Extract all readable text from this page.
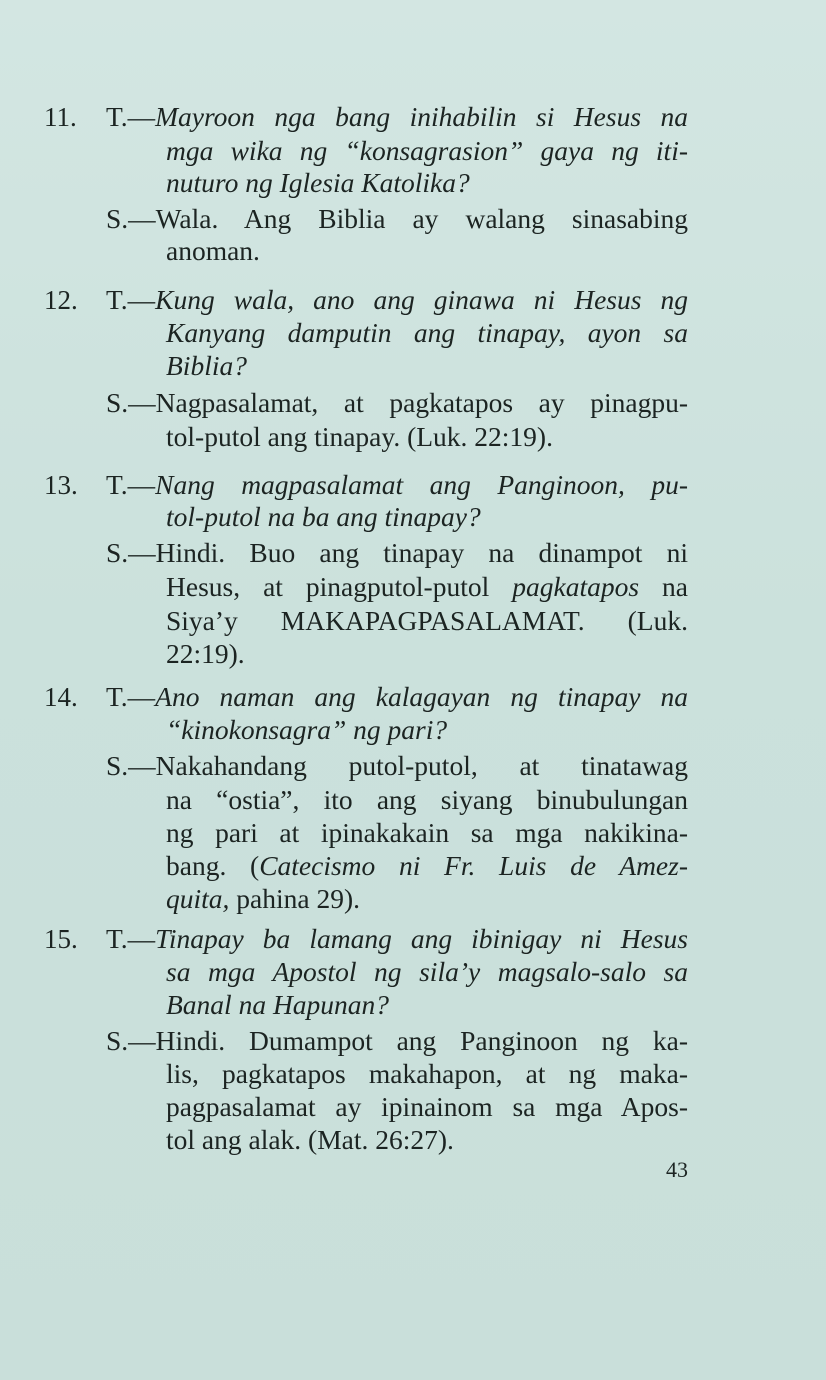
11. T.—Mayroon nga bang inihabilin si Hesus na
mga wika ng “konsagrasion” gaya ng iti-
nuturo ng Iglesia Katolika?
S.—Wala. Ang Biblia ay walang sinasabing
anoman.
12. T.—Kung wala, ano ang ginawa ni Hesus ng
Kanyang damputin ang tinapay, ayon sa
Biblia?
S.—Nagpasalamat, at pagkatapos ay pinagpu-
tol-putol ang tinapay. (Luk. 22:19).
13. T.—Nang magpasalamat ang Panginoon, pu-
tol-putol na ba ang tinapay?
S.—Hindi. Buo ang tinapay na dinampot ni
Hesus, at pinagputol-putol pagkatapos na
Siya’y MAKAPAGPASALAMAT. (Luk.
22:19).
14. T.—Ano naman ang kalagayan ng tinapay na
“kinokonsagra” ng pari?
S.—Nakahandang putol-putol, at tinatawag
na “ostia”, ito ang siyang binubulungan
ng pari at ipinakakain sa mga nakikina-
bang. (Catecismo ni Fr. Luis de Amez-
quita, pahina 29).
15. T.—Tinapay ba lamang ang ibinigay ni Hesus
sa mga Apostol ng sila’y magsalo-salo sa
Banal na Hapunan?
S.—Hindi. Dumampot ang Panginoon ng ka-
lis, pagkatapos makahapon, at ng maka-
pagpasalamat ay ipinainom sa mga Apos-
tol ang alak. (Mat. 26:27).
43
